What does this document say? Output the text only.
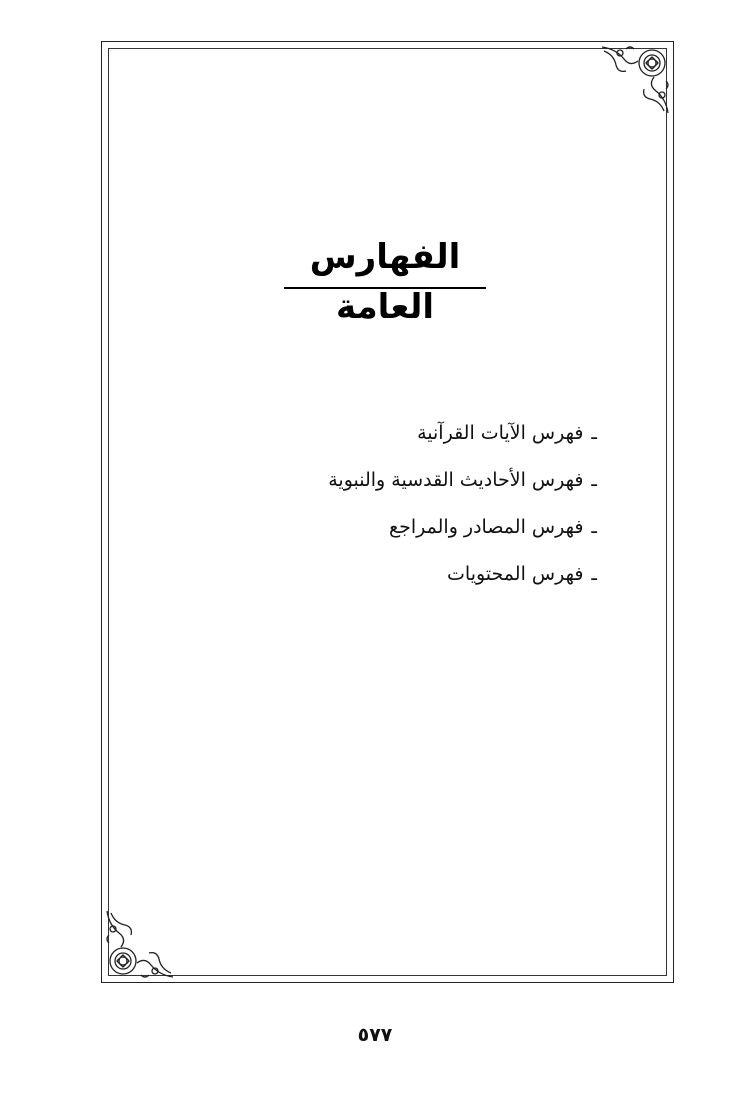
الفهارس العامة
ـفهرس الآيات القرآنية
ـفهرس الأحاديث القدسية والنبوية
ـفهرس المصادر والمراجع
ـفهرس المحتويات
٥٧٧
